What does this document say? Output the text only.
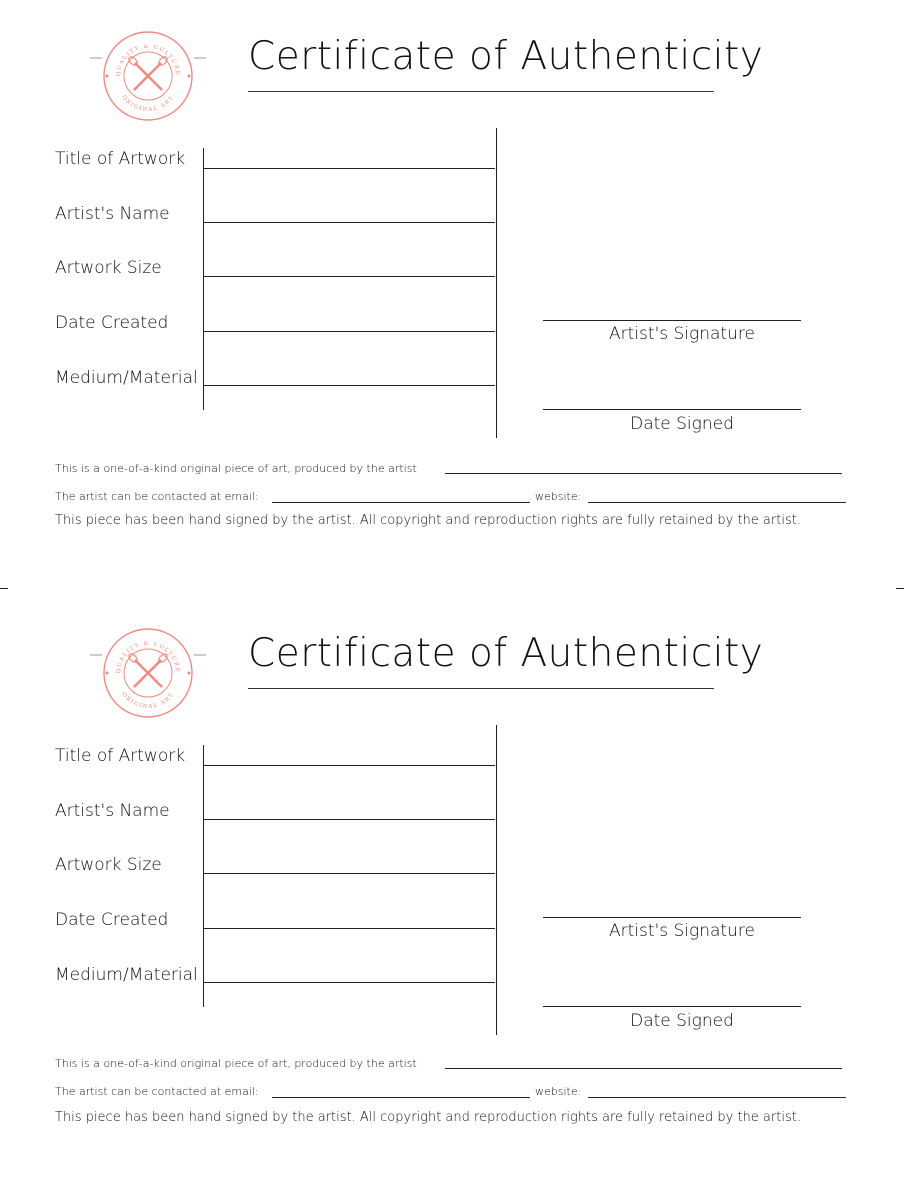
QUALITY & CULTURE
ORIGINAL ART
Certificate of Authenticity
Title of Artwork
Artist's Name
Artwork Size
Date Created
Medium/Material
Artist's Signature
Date Signed
This is a one-of-a-kind original piece of art, produced by the artist
The artist can be contacted at email:	website:
This piece has been hand signed by the artist. All copyright and reproduction rights are fully retained by the artist.
QUALITY & CULTURE
ORIGINAL ART
Certificate of Authenticity
Title of Artwork
Artist's Name
Artwork Size
Date Created
Medium/Material
Artist's Signature
Date Signed
This is a one-of-a-kind original piece of art, produced by the artist
The artist can be contacted at email:	website:
This piece has been hand signed by the artist. All copyright and reproduction rights are fully retained by the artist.
